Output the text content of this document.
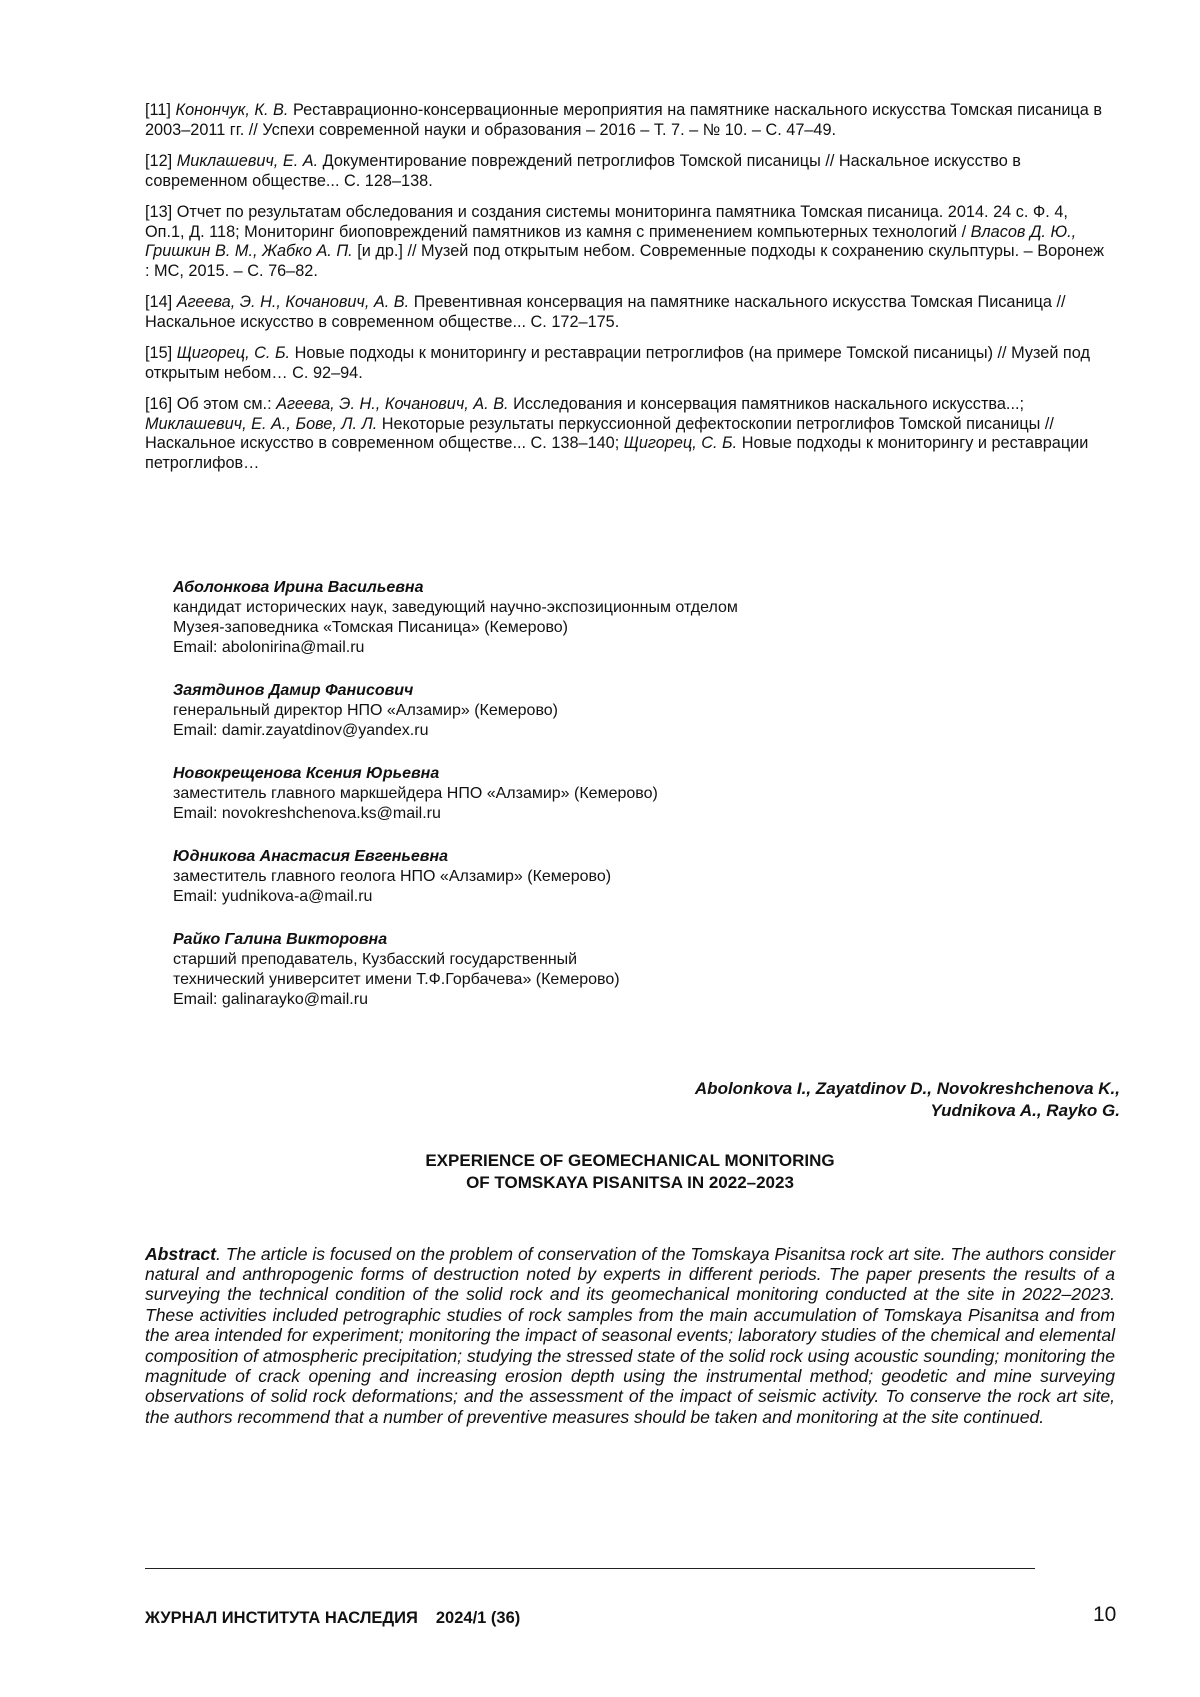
[11] Конончук, К. В. Реставрационно-консервационные мероприятия на памятнике наскального искусства Томская писаница в 2003–2011 гг. // Успехи современной науки и образования – 2016 – Т. 7. – № 10. – С. 47–49.

[12] Миклашевич, Е. А. Документирование повреждений петроглифов Томской писаницы // Наскальное искусство в современном обществе... С. 128–138.

[13] Отчет по результатам обследования и создания системы мониторинга памятника Томская писаница. 2014. 24 с. Ф. 4, Оп.1, Д. 118; Мониторинг биоповреждений памятников из камня с применением компьютерных технологий / Власов Д. Ю., Гришкин В. М., Жабко А. П. [и др.] // Музей под открытым небом. Современные подходы к сохранению скульптуры. – Воронеж : МС, 2015. – С. 76–82.

[14] Агеева, Э. Н., Кочанович, А. В. Превентивная консервация на памятнике наскального искусства Томская Писаница // Наскальное искусство в современном обществе... С. 172–175.

[15] Щигорец, С. Б. Новые подходы к мониторингу и реставрации петроглифов (на примере Томской писаницы) // Музей под открытым небом… С. 92–94.

[16] Об этом см.: Агеева, Э. Н., Кочанович, А. В. Исследования и консервация памятников наскального искусства...; Миклашевич, Е. А., Бове, Л. Л. Некоторые результаты перкуссионной дефектоскопии петроглифов Томской писаницы // Наскальное искусство в современном обществе... С. 138–140; Щигорец, С. Б. Новые подходы к мониторингу и реставрации петроглифов…

Аболонкова Ирина Васильевна
кандидат исторических наук, заведующий научно-экспозиционным отделом
Музея-заповедника «Томская Писаница» (Кемерово)
Email: abolonirina@mail.ru
Заятдинов Дамир Фанисович
генеральный директор НПО «Алзамир» (Кемерово)
Email: damir.zayatdinov@yandex.ru
Новокрещенова Ксения Юрьевна
заместитель главного маркшейдера НПО «Алзамир» (Кемерово)
Email: novokreshchenova.ks@mail.ru
Юдникова Анастасия Евгеньевна
заместитель главного геолога НПО «Алзамир» (Кемерово)
Email: yudnikova-a@mail.ru
Райко Галина Викторовна
старший преподаватель, Кузбасский государственный
технический университет имени Т.Ф.Горбачева» (Кемерово)
Email: galinarayko@mail.ru
Abolonkova I., Zayatdinov D., Novokreshchenova K.,
Yudnikova A., Rayko G.
EXPERIENCE OF GEOMECHANICAL MONITORING
OF TOMSKAYA PISANITSA IN 2022–2023

Abstract. The article is focused on the problem of conservation of the Tomskaya Pisanitsa rock art site. The authors consider natural and anthropogenic forms of destruction noted by experts in different periods. The paper presents the results of a surveying the technical condition of the solid rock and its geomechanical monitoring conducted at the site in 2022–2023. These activities included petrographic studies of rock samples from the main accumulation of Tomskaya Pisanitsa and from the area intended for experiment; monitoring the impact of seasonal events; laboratory studies of the chemical and elemental composition of atmospheric precipitation; studying the stressed state of the solid rock using acoustic sounding; monitoring the magnitude of crack opening and increasing erosion depth using the instrumental method; geodetic and mine surveying observations of solid rock deformations; and the assessment of the impact of seismic activity. To conserve the rock art site, the authors recommend that a number of preventive measures should be taken and monitoring at the site continued.

ЖУРНАЛ ИНСТИТУТА НАСЛЕДИЯ 2024/1 (36)	10
